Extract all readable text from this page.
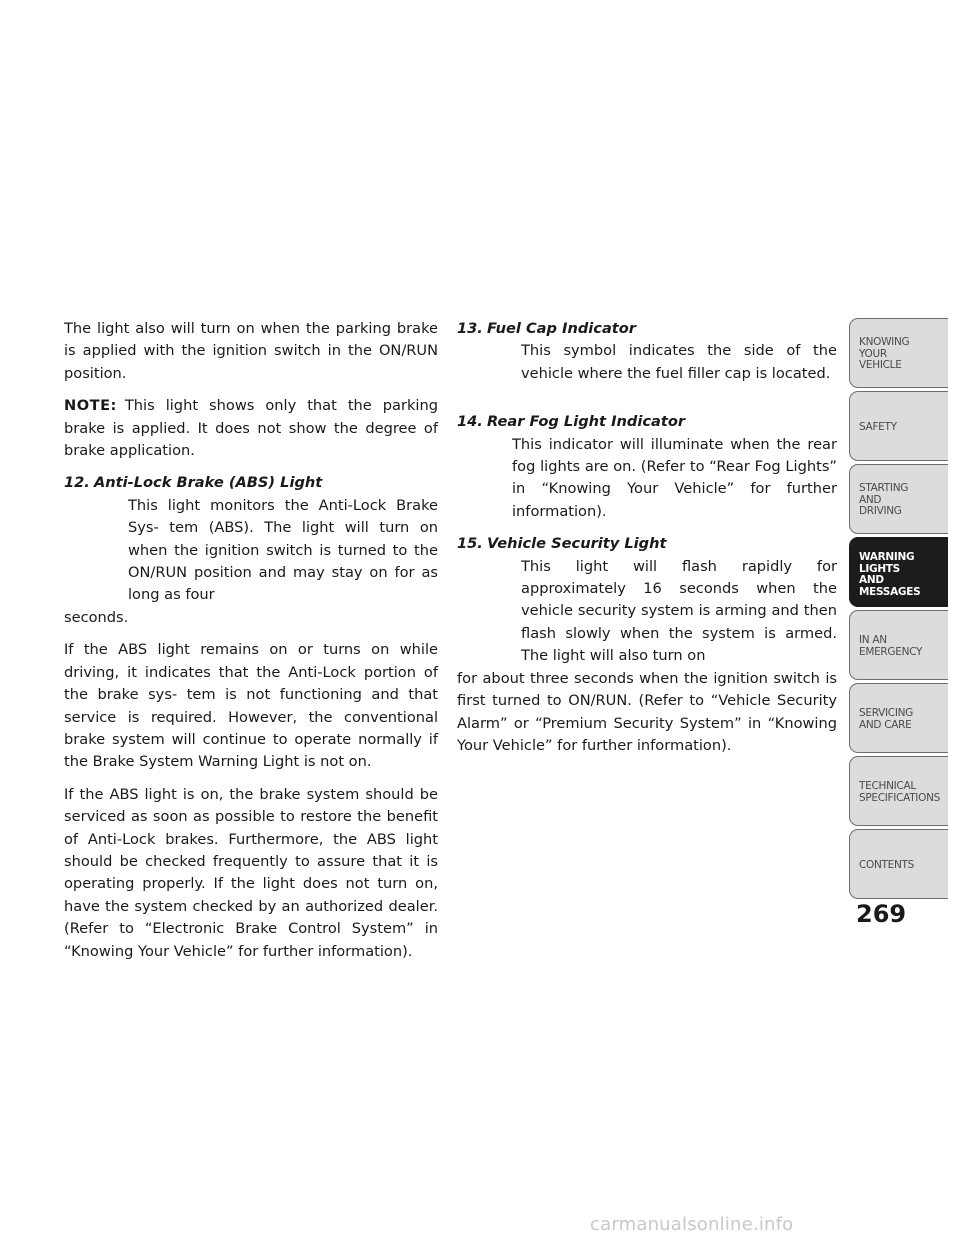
The light also will turn on when the parking brake is applied with the ignition switch in the ON/RUN position.

NOTE: This light shows only that the parking brake is applied. It does not show the degree of brake application.

12. Anti-Lock Brake (ABS) Light

This light monitors the Anti-Lock Brake Sys- tem (ABS). The light will turn on when the ignition switch is turned to the ON/RUN position and may stay on for as long as four

seconds.

If the ABS light remains on or turns on while driving, it indicates that the Anti-Lock portion of the brake sys- tem is not functioning and that service is required. However, the conventional brake system will continue to operate normally if the Brake System Warning Light is not on.

If the ABS light is on, the brake system should be serviced as soon as possible to restore the benefit of Anti-Lock brakes. Furthermore, the ABS light should be checked frequently to assure that it is operating properly. If the light does not turn on, have the system checked by an authorized dealer. (Refer to “Electronic Brake Control System” in “Knowing Your Vehicle” for further information).

13. Fuel Cap Indicator

This symbol indicates the side of the vehicle where the fuel filler cap is located.

14. Rear Fog Light Indicator

This indicator will illuminate when the rear fog lights are on. (Refer to “Rear Fog Lights” in “Knowing Your Vehicle” for further information).

15. Vehicle Security Light

This light will flash rapidly for approximately 16 seconds when the vehicle security system is arming and then flash slowly when the system is armed. The light will also turn on

for about three seconds when the ignition switch is first turned to ON/RUN. (Refer to “Vehicle Security Alarm” or “Premium Security System” in “Knowing Your Vehicle” for further information).

KNOWING
YOUR
VEHICLE
SAFETY
STARTING
AND
DRIVING
WARNING
LIGHTS
AND
MESSAGES
IN AN
EMERGENCY
SERVICING
AND CARE
TECHNICAL
SPECIFICATIONS
CONTENTS
269
carmanualsonline.info
